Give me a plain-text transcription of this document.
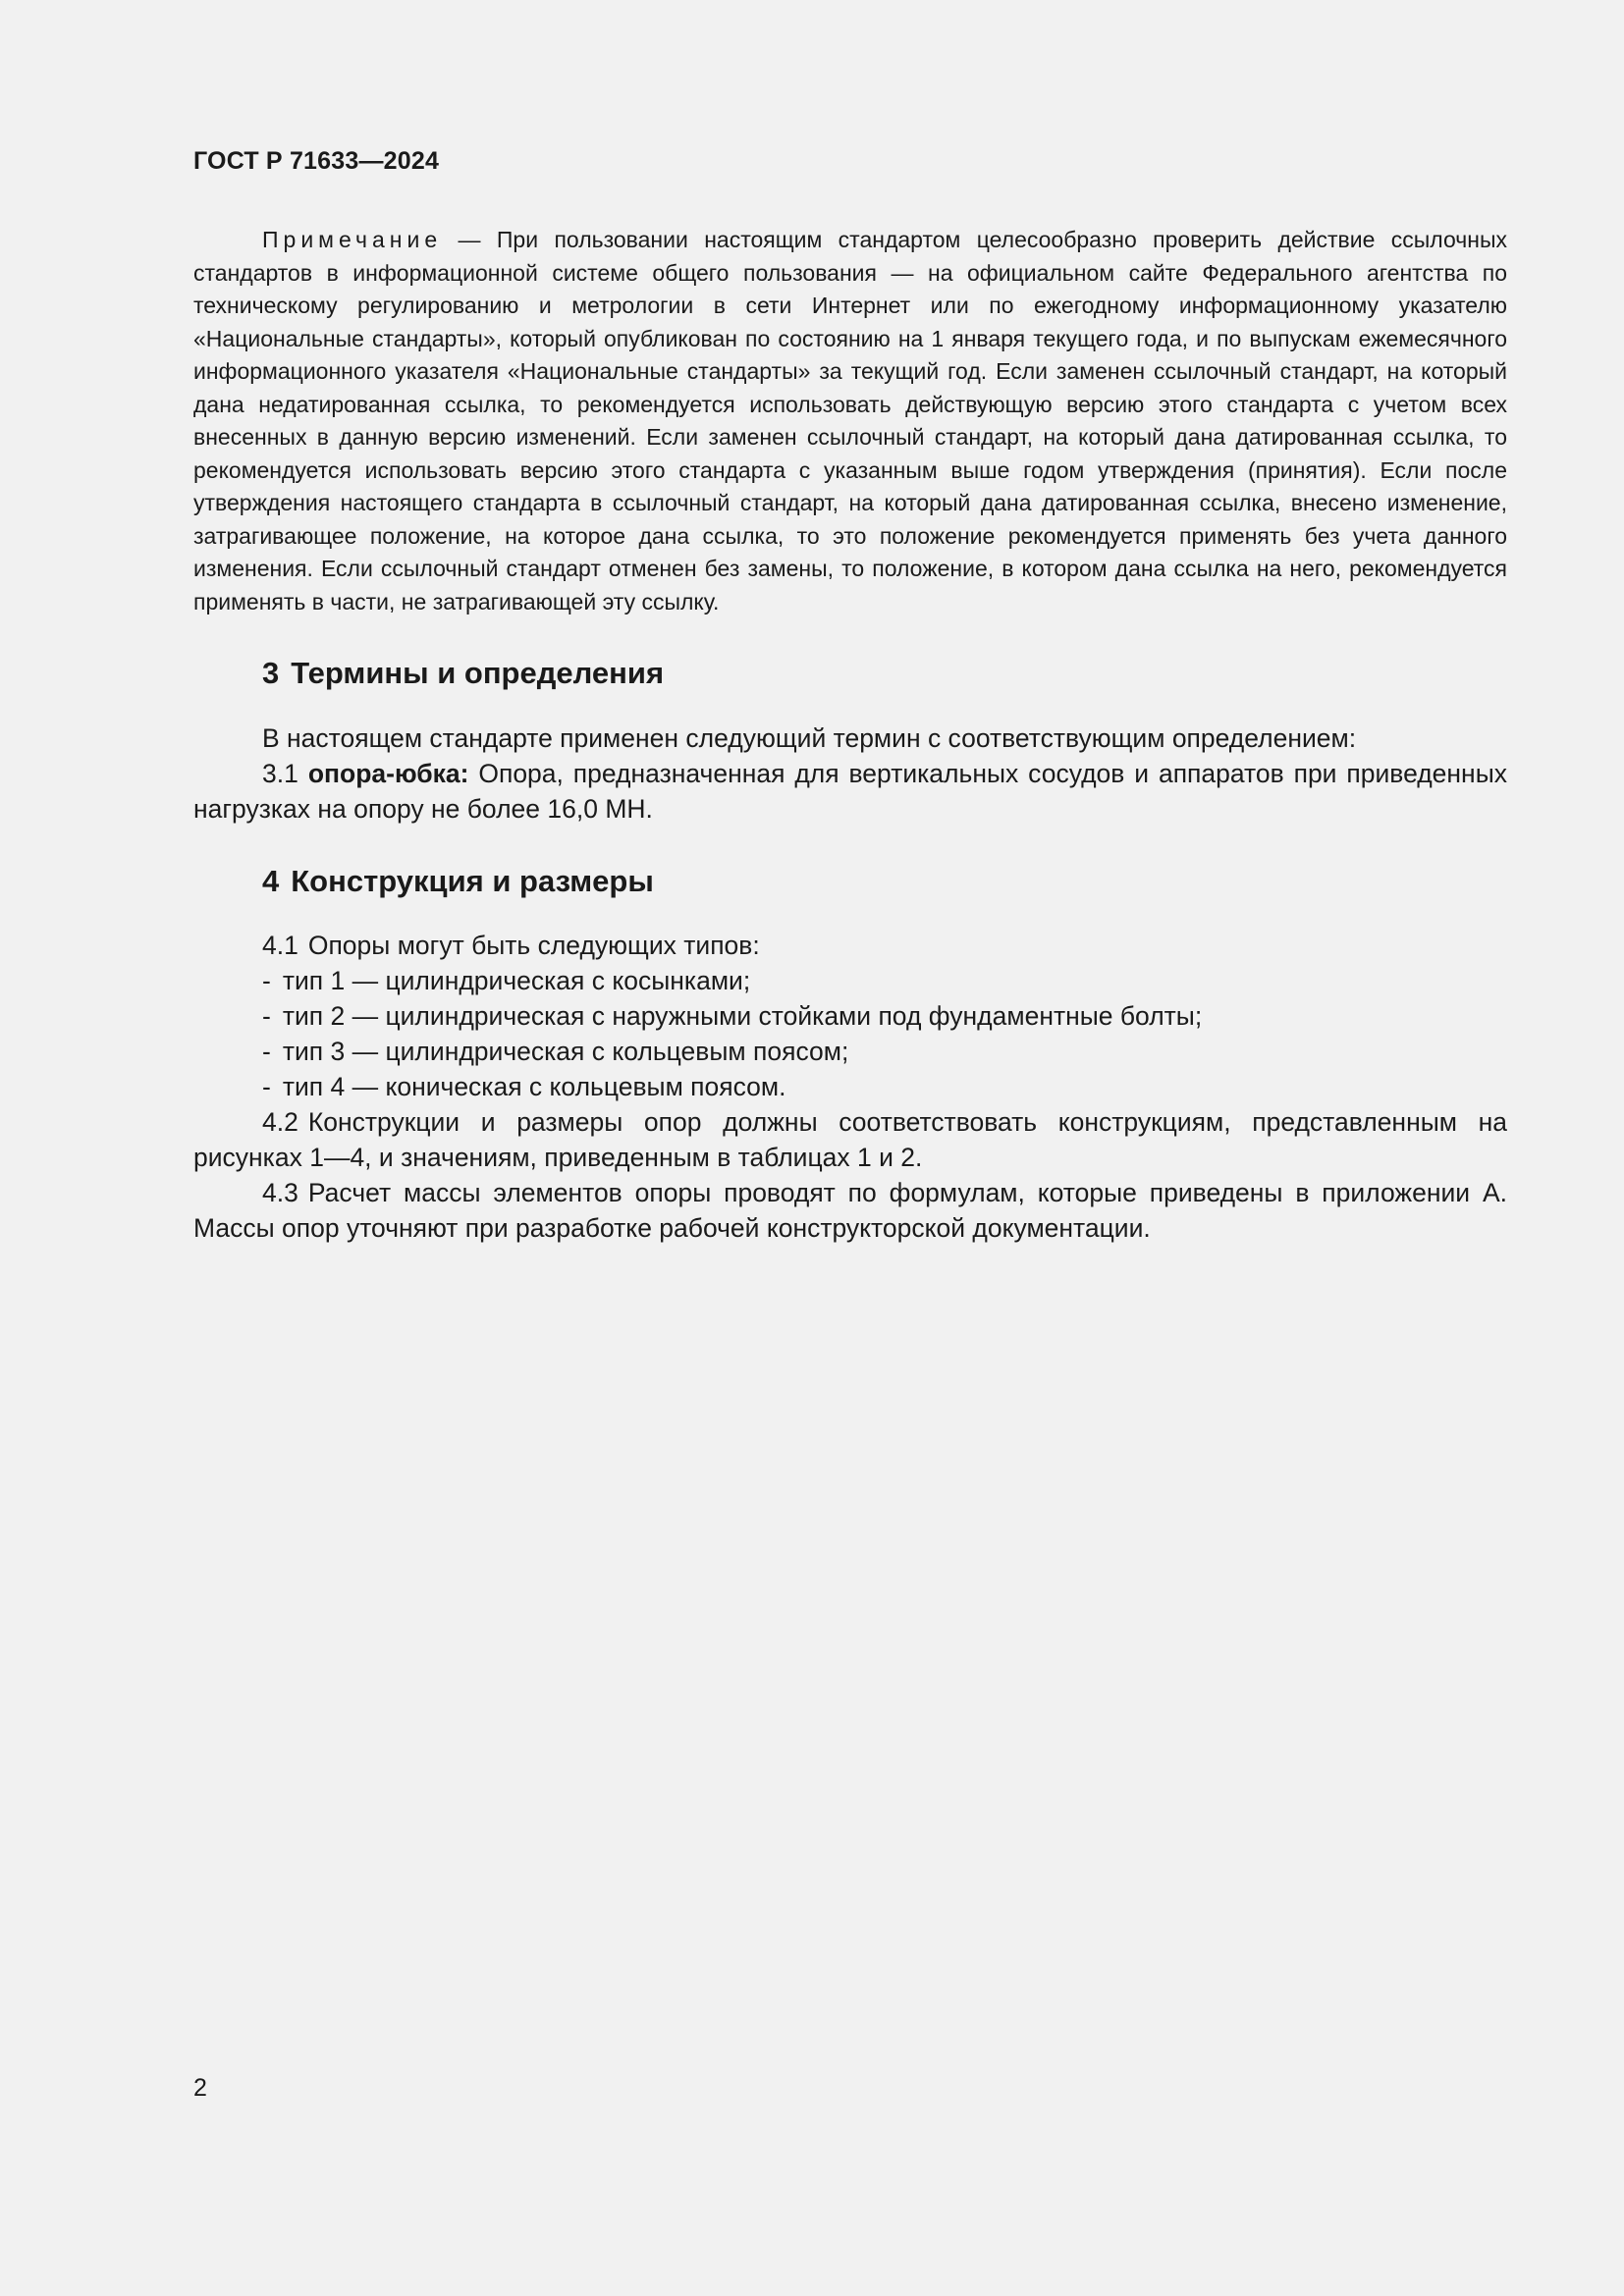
ГОСТ Р 71633—2024

Примечание — При пользовании настоящим стандартом целесообразно проверить действие ссылочных стандартов в информационной системе общего пользования — на официальном сайте Федерального агентства по техническому регулированию и метрологии в сети Интернет или по ежегодному информационному указателю «Национальные стандарты», который опубликован по состоянию на 1 января текущего года, и по выпускам ежемесячного информационного указателя «Национальные стандарты» за текущий год. Если заменен ссылочный стандарт, на который дана недатированная ссылка, то рекомендуется использовать действующую версию этого стандарта с учетом всех внесенных в данную версию изменений. Если заменен ссылочный стандарт, на который дана датированная ссылка, то рекомендуется использовать версию этого стандарта с указанным выше годом утверждения (принятия). Если после утверждения настоящего стандарта в ссылочный стандарт, на который дана датированная ссылка, внесено изменение, затрагивающее положение, на которое дана ссылка, то это положение рекомендуется применять без учета данного изменения. Если ссылочный стандарт отменен без замены, то положение, в котором дана ссылка на него, рекомендуется применять в части, не затрагивающей эту ссылку.

3 Термины и определения

В настоящем стандарте применен следующий термин с соответствующим определением:

3.1 опора-юбка: Опора, предназначенная для вертикальных сосудов и аппаратов при приведенных нагрузках на опору не более 16,0 МН.

4 Конструкция и размеры

4.1 Опоры могут быть следующих типов:

- тип 1 — цилиндрическая с косынками;

- тип 2 — цилиндрическая с наружными стойками под фундаментные болты;

- тип 3 — цилиндрическая с кольцевым поясом;

- тип 4 — коническая с кольцевым поясом.

4.2 Конструкции и размеры опор должны соответствовать конструкциям, представленным на рисунках 1—4, и значениям, приведенным в таблицах 1 и 2.

4.3 Расчет массы элементов опоры проводят по формулам, которые приведены в приложении А. Массы опор уточняют при разработке рабочей конструкторской документации.

2
